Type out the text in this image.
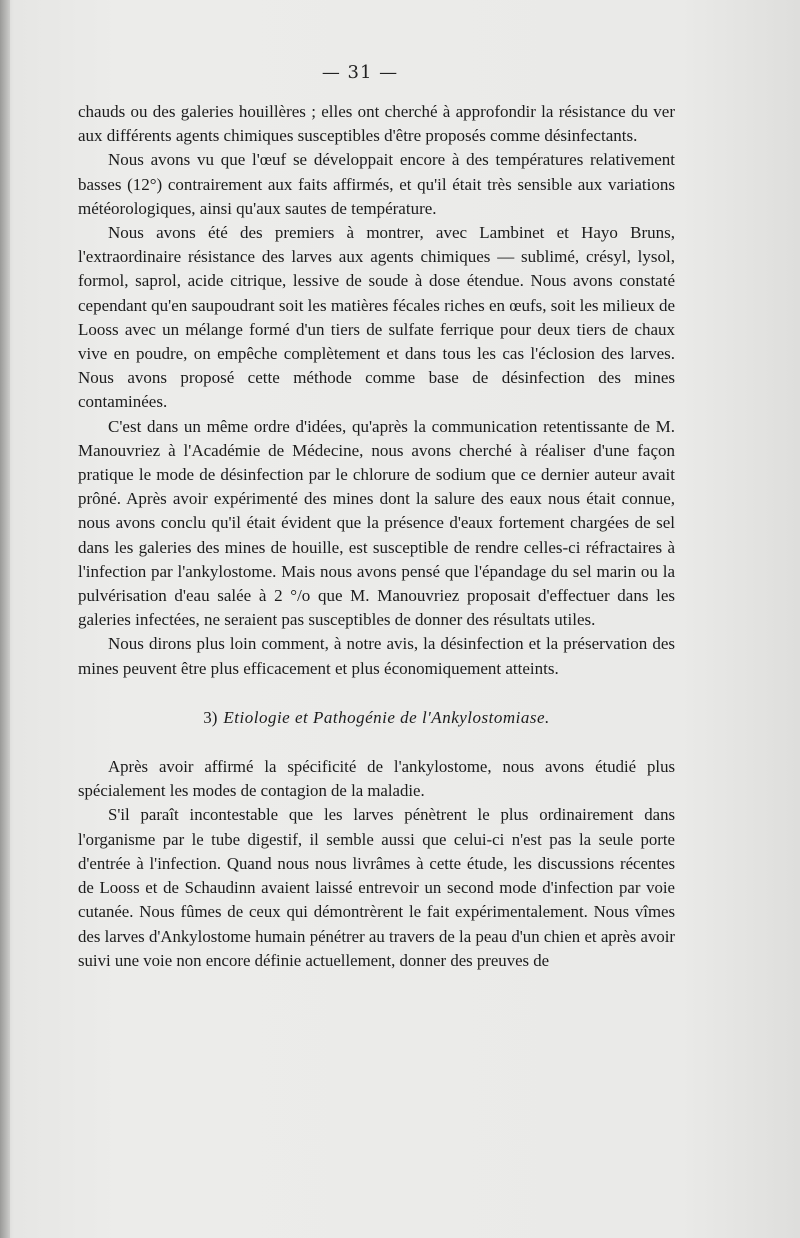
— 31 —

chauds ou des galeries houillères ; elles ont cherché à approfondir la résistance du ver aux différents agents chimiques susceptibles d'être proposés comme désinfectants.

Nous avons vu que l'œuf se développait encore à des températures relativement basses (12°) contrairement aux faits affirmés, et qu'il était très sensible aux variations météorologiques, ainsi qu'aux sautes de température.

Nous avons été des premiers à montrer, avec Lambinet et Hayo Bruns, l'extraordinaire résistance des larves aux agents chimiques — sublimé, crésyl, lysol, formol, saprol, acide citrique, lessive de soude à dose étendue. Nous avons constaté cependant qu'en saupoudrant soit les matières fécales riches en œufs, soit les milieux de Looss avec un mélange formé d'un tiers de sulfate ferrique pour deux tiers de chaux vive en poudre, on empêche complètement et dans tous les cas l'éclosion des larves. Nous avons proposé cette méthode comme base de désinfection des mines contaminées.

C'est dans un même ordre d'idées, qu'après la communication retentissante de M. Manouvriez à l'Académie de Médecine, nous avons cherché à réaliser d'une façon pratique le mode de désinfection par le chlorure de sodium que ce dernier auteur avait prôné. Après avoir expérimenté des mines dont la salure des eaux nous était connue, nous avons conclu qu'il était évident que la présence d'eaux fortement chargées de sel dans les galeries des mines de houille, est susceptible de rendre celles-ci réfractaires à l'infection par l'ankylostome. Mais nous avons pensé que l'épandage du sel marin ou la pulvérisation d'eau salée à 2 °/o que M. Manouvriez proposait d'effectuer dans les galeries infectées, ne seraient pas susceptibles de donner des résultats utiles.

Nous dirons plus loin comment, à notre avis, la désinfection et la préservation des mines peuvent être plus efficacement et plus économiquement atteints.

3) Etiologie et Pathogénie de l'Ankylostomiase.

Après avoir affirmé la spécificité de l'ankylostome, nous avons étudié plus spécialement les modes de contagion de la maladie.

S'il paraît incontestable que les larves pénètrent le plus ordinairement dans l'organisme par le tube digestif, il semble aussi que celui-ci n'est pas la seule porte d'entrée à l'infection. Quand nous nous livrâmes à cette étude, les discussions récentes de Looss et de Schaudinn avaient laissé entrevoir un second mode d'infection par voie cutanée. Nous fûmes de ceux qui démontrèrent le fait expérimentalement. Nous vîmes des larves d'Ankylostome humain pénétrer au travers de la peau d'un chien et après avoir suivi une voie non encore définie actuellement, donner des preuves de
